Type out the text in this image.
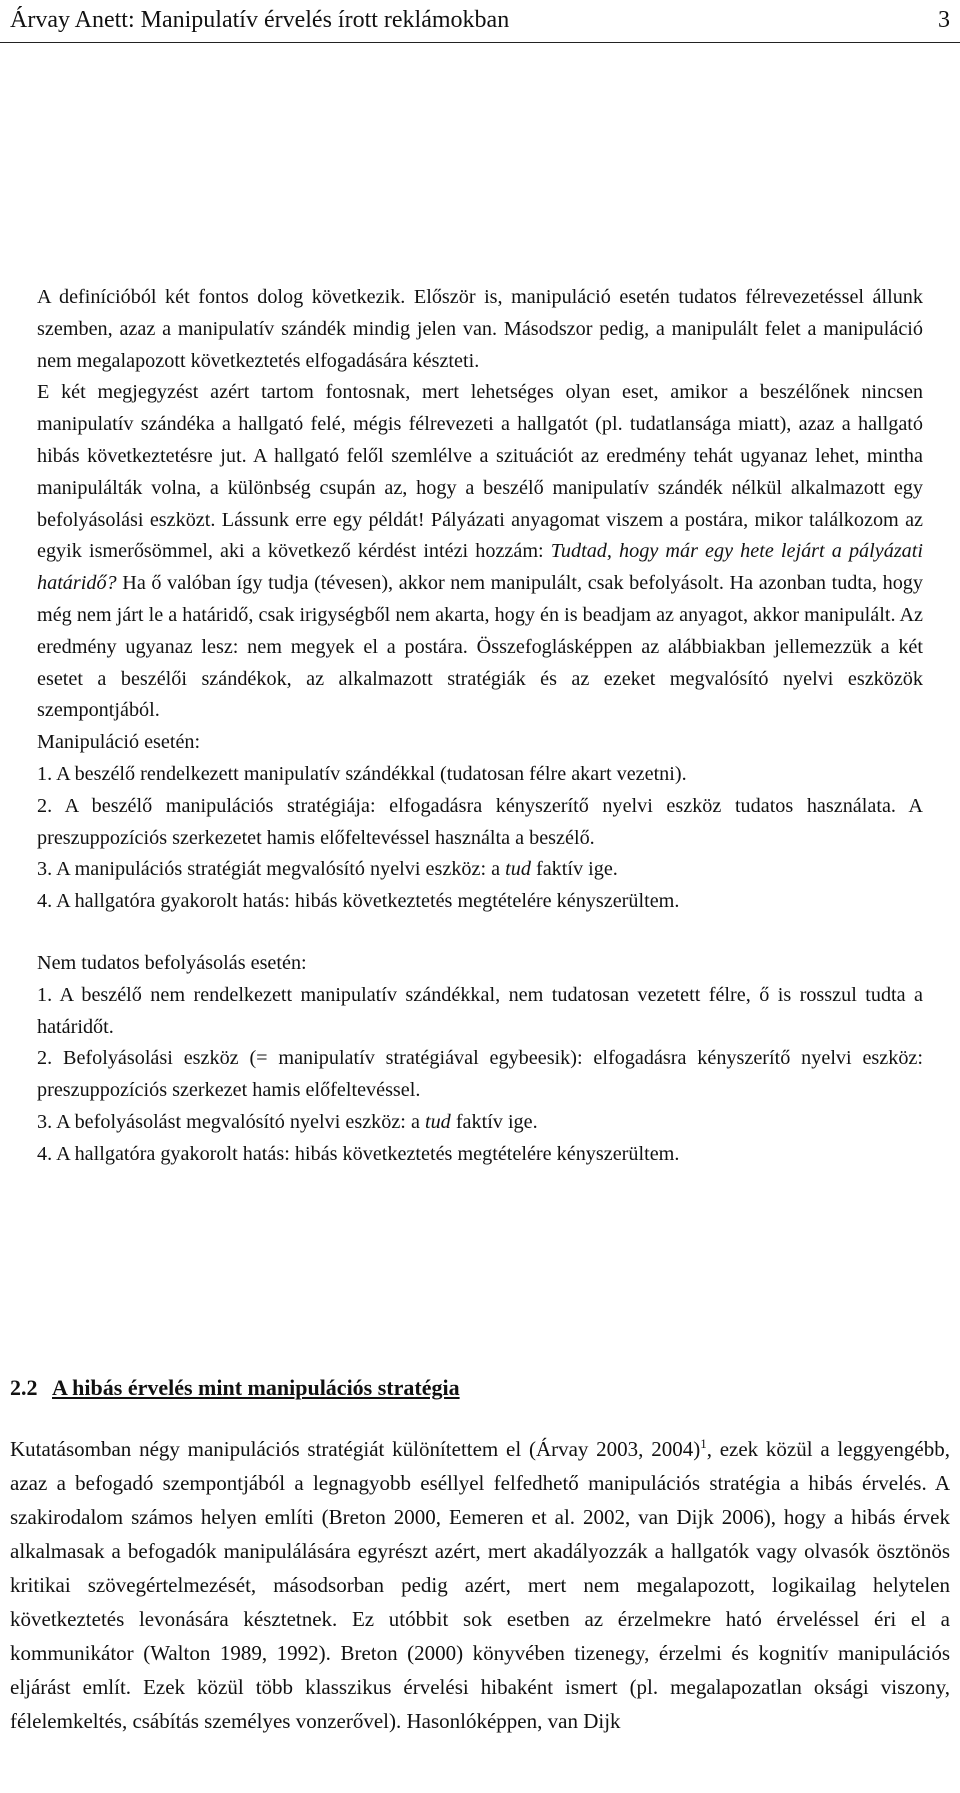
Árvay Anett: Manipulatív érvelés írott reklámokban	3

A definícióból két fontos dolog következik. Először is, manipuláció esetén tudatos félrevezetéssel állunk szemben, azaz a manipulatív szándék mindig jelen van. Másodszor pedig, a manipulált felet a manipuláció nem megalapozott következtetés elfogadására készteti.

E két megjegyzést azért tartom fontosnak, mert lehetséges olyan eset, amikor a beszélőnek nincsen manipulatív szándéka a hallgató felé, mégis félrevezeti a hallgatót (pl. tudatlansága miatt), azaz a hallgató hibás következtetésre jut. A hallgató felől szemlélve a szituációt az eredmény tehát ugyanaz lehet, mintha manipulálták volna, a különbség csupán az, hogy a beszélő manipulatív szándék nélkül alkalmazott egy befolyásolási eszközt. Lássunk erre egy példát! Pályázati anyagomat viszem a postára, mikor találkozom az egyik ismerősömmel, aki a következő kérdést intézi hozzám: Tudtad, hogy már egy hete lejárt a pályázati határidő? Ha ő valóban így tudja (tévesen), akkor nem manipulált, csak befolyásolt. Ha azonban tudta, hogy még nem járt le a határidő, csak irigységből nem akarta, hogy én is beadjam az anyagot, akkor manipulált. Az eredmény ugyanaz lesz: nem megyek el a postára. Összefoglásképpen az alábbiakban jellemezzük a két esetet a beszélői szándékok, az alkalmazott stratégiák és az ezeket megvalósító nyelvi eszközök szempontjából.

Manipuláció esetén:

1. A beszélő rendelkezett manipulatív szándékkal (tudatosan félre akart vezetni).

2. A beszélő manipulációs stratégiája: elfogadásra kényszerítő nyelvi eszköz tudatos használata. A preszuppozíciós szerkezetet hamis előfeltevéssel használta a beszélő.

3. A manipulációs stratégiát megvalósító nyelvi eszköz: a tud faktív ige.

4. A hallgatóra gyakorolt hatás: hibás következtetés megtételére kényszerültem.

Nem tudatos befolyásolás esetén:

1. A beszélő nem rendelkezett manipulatív szándékkal, nem tudatosan vezetett félre, ő is rosszul tudta a határidőt.

2. Befolyásolási eszköz (= manipulatív stratégiával egybeesik): elfogadásra kényszerítő nyelvi eszköz: preszuppozíciós szerkezet hamis előfeltevéssel.

3. A befolyásolást megvalósító nyelvi eszköz: a tud faktív ige.

4. A hallgatóra gyakorolt hatás: hibás következtetés megtételére kényszerültem.

2.2 A hibás érvelés mint manipulációs stratégia

Kutatásomban négy manipulációs stratégiát különítettem el (Árvay 2003, 2004)$^1$, ezek közül a leggyengébb, azaz a befogadó szempontjából a legnagyobb eséllyel felfedhető manipulációs stratégia a hibás érvelés. A szakirodalom számos helyen említi (Breton 2000, Eemeren et al. 2002, van Dijk 2006), hogy a hibás érvek alkalmasak a befogadók manipulálására egyrészt azért, mert akadályozzák a hallgatók vagy olvasók ösztönös kritikai szövegértelmezését, másodsorban pedig azért, mert nem megalapozott, logikailag helytelen következtetés levonására késztetnek. Ez utóbbit sok esetben az érzelmekre ható érveléssel éri el a kommunikátor (Walton 1989, 1992). Breton (2000) könyvében tizenegy, érzelmi és kognitív manipulációs eljárást említ. Ezek közül több klasszikus érvelési hibaként ismert (pl. megalapozatlan oksági viszony, félelemkeltés, csábítás személyes vonzerővel). Hasonlóképpen, van Dijk
